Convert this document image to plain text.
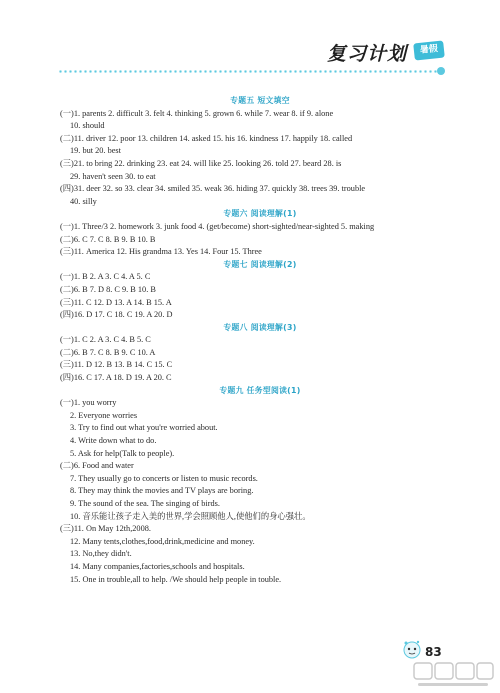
复习计划	暑假
专题五 短文填空
(一)1. parents 2. difficult 3. felt 4. thinking 5. grown 6. while 7. wear 8. if 9. alone
10. should
(二)11. driver 12. poor 13. children 14. asked 15. his 16. kindness 17. happily 18. called
19. but 20. best
(三)21. to bring 22. drinking 23. eat 24. will like 25. looking 26. told 27. beard 28. is
29. haven't seen 30. to eat
(四)31. deer 32. so 33. clear 34. smiled 35. weak 36. hiding 37. quickly 38. trees 39. trouble
40. silly
专题六 阅读理解(1)
(一)1. Three/3 2. homework 3. junk food 4. (get/become) short-sighted/near-sighted 5. making
(二)6. C 7. C 8. B 9. B 10. B
(三)11. America 12. His grandma 13. Yes 14. Four 15. Three
专题七 阅读理解(2)
(一)1. B 2. A 3. C 4. A 5. C
(二)6. B 7. D 8. C 9. B 10. B
(三)11. C 12. D 13. A 14. B 15. A
(四)16. D 17. C 18. C 19. A 20. D
专题八 阅读理解(3)
(一)1. C 2. A 3. C 4. B 5. C
(二)6. B 7. C 8. B 9. C 10. A
(三)11. D 12. B 13. B 14. C 15. C
(四)16. C 17. A 18. D 19. A 20. C
专题九 任务型阅读(1)
(一)1. you worry
2. Everyone worries
3. Try to find out what you're worried about.
4. Write down what to do.
5. Ask for help(Talk to people).
(二)6. Food and water
7. They usually go to concerts or listen to music records.
8. They may think the movies and TV plays are boring.
9. The sound of the sea. The singing of birds.
10. 音乐能让孩子走入美的世界,学会照顾他人,使他们的身心强壮。
(三)11. On May 12th,2008.
12. Many tents,clothes,food,drink,medicine and money.
13. No,they didn't.
14. Many companies,factories,schools and hospitals.
15. One in trouble,all to help. /We should help people in touble.
83
